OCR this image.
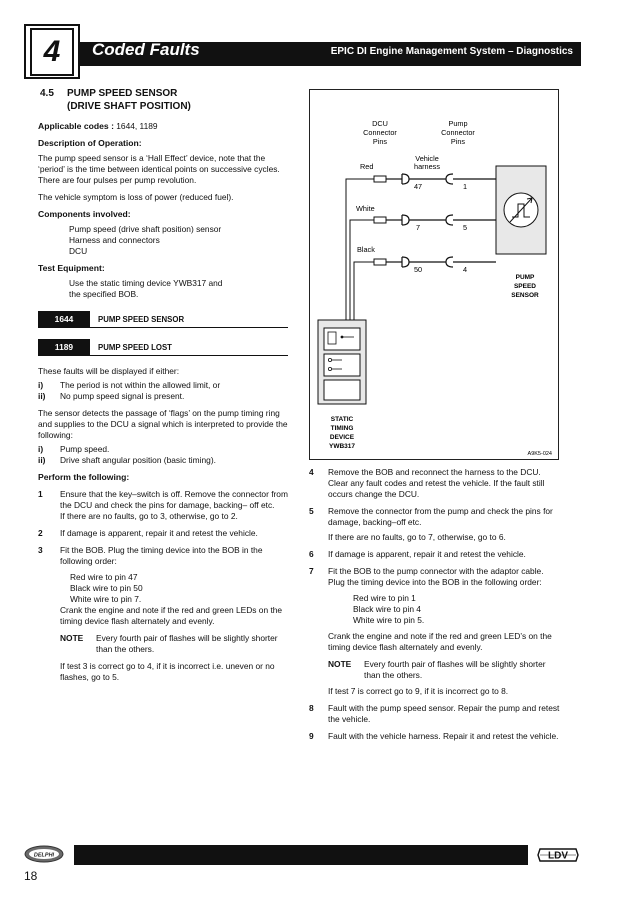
4	Coded Faults	EPIC DI Engine Management System – Diagnostics
4.5	PUMP SPEED SENSOR
(DRIVE SHAFT POSITION)
Applicable codes : 1644, 1189
Description of Operation:
The pump speed sensor is a ‘Hall Effect’ device, note that the ‘period’ is the time between identical points on successive cycles. There are four pulses per pump revolution.
The vehicle symptom is loss of power (reduced fuel).
Components involved:
Pump speed (drive shaft position) sensor
Harness and connectors
DCU
Test Equipment:
Use the static timing device YWB317 and
the specified BOB.
1644	PUMP SPEED SENSOR
1189	PUMP SPEED LOST
These faults will be displayed if either:
i)	The period is not within the allowed limit, or
ii)	No pump speed signal is present.
The sensor detects the passage of ‘flags’ on the pump timing ring and supplies to the DCU a signal which is interpreted to provide the following:
i)	Pump speed.
ii)	Drive shaft angular position (basic timing).
Perform the following:
1	Ensure that the key–switch is off. Remove the connector from the DCU and check the pins for damage, backing– off etc.
If there are no faults, go to 3, otherwise, go to 2.
2	If damage is apparent, repair it and retest the vehicle.
3	Fit the BOB. Plug the timing device into the BOB in the following order:
Red wire to pin 47
Black wire to pin 50
White wire to pin 7.
Crank the engine and note if the red and green LEDs on the timing device flash alternately and evenly.
NOTE	Every fourth pair of flashes will be slightly shorter than the others.
If test 3 is correct go to 4, if it is incorrect i.e. uneven or no flashes, go to 5.
DCU
Connector
Pins
Pump
Connector
Pins
Vehicle
harness
Red
White
Black
47
7
50
1
5
4
PUMP
SPEED
SENSOR
STATIC
TIMING
DEVICE
YWB317
A9K5-024
4	Remove the BOB and reconnect the harness to the DCU. Clear any fault codes and retest the vehicle. If the fault still occurs change the DCU.
5	Remove the connector from the pump and check the pins for damage, backing–off etc.
If there are no faults, go to 7, otherwise, go to 6.
6	If damage is apparent, repair it and retest the vehicle.
7	Fit the BOB to the pump connector with the adaptor cable. Plug the timing device into the BOB in the following order:
Red wire to pin 1
Black wire to pin 4
White wire to pin 5.
Crank the engine and note if the red and green LED’s on the timing device flash alternately and evenly.
NOTE	Every fourth pair of flashes will be slightly shorter than the others.
If test 7 is correct go to 9, if it is incorrect go to 8.
8	Fault with the pump speed sensor. Repair the pump and retest the vehicle.
9	Fault with the vehicle harness. Repair it and retest the vehicle.
DELPHI	LDV
18
